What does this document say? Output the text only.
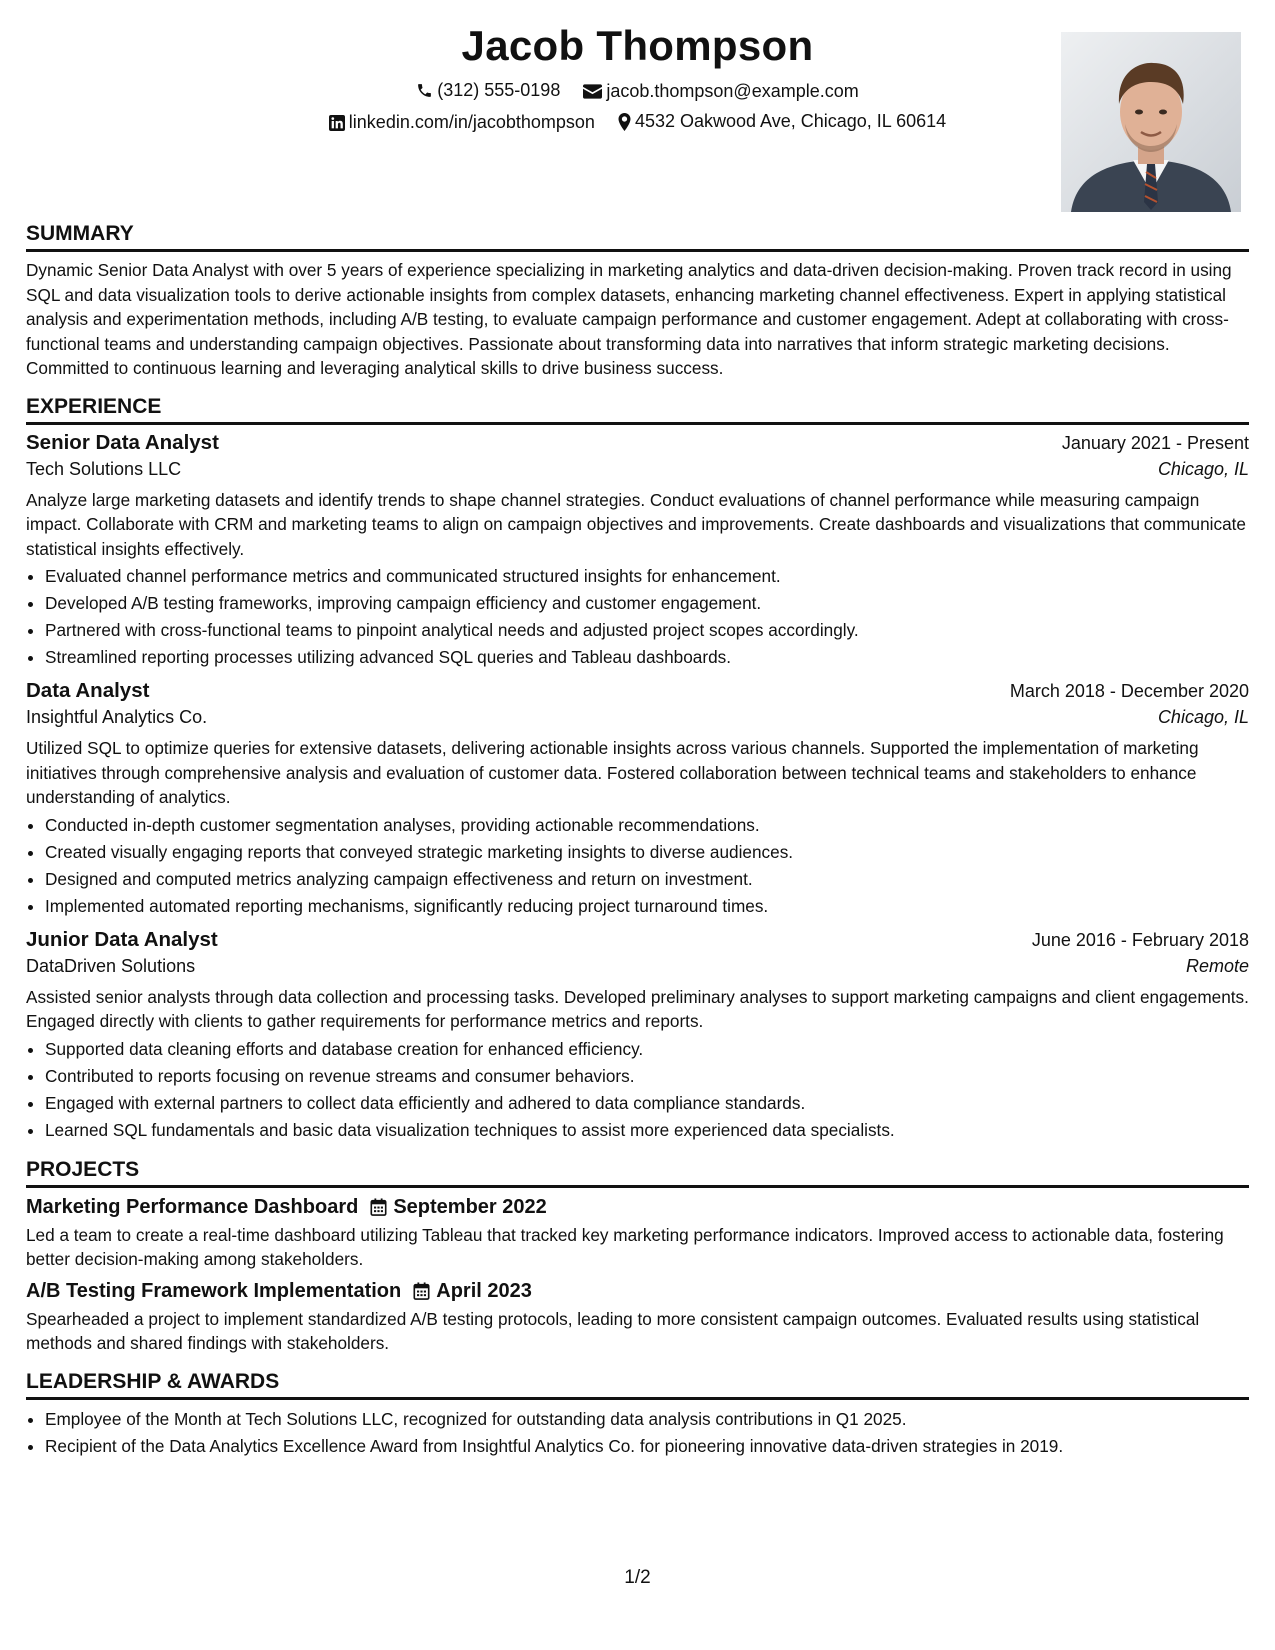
Jacob Thompson
(312) 555-0198
	jacob.thompson@example.com
linkedin.com/in/jacobthompson
4532 Oakwood Ave, Chicago, IL 60614
SUMMARY

Dynamic Senior Data Analyst with over 5 years of experience specializing in marketing analytics and data-driven decision-making. Proven track record in using SQL and data visualization tools to derive actionable insights from complex datasets, enhancing marketing channel effectiveness. Expert in applying statistical analysis and experimentation methods, including A/B testing, to evaluate campaign performance and customer engagement. Adept at collaborating with cross-functional teams and understanding campaign objectives. Passionate about transforming data into narratives that inform strategic marketing decisions. Committed to continuous learning and leveraging analytical skills to drive business success.

EXPERIENCE
Senior Data Analyst	January 2021 - Present
Tech Solutions LLC	Chicago, IL

Analyze large marketing datasets and identify trends to shape channel strategies. Conduct evaluations of channel performance while measuring campaign impact. Collaborate with CRM and marketing teams to align on campaign objectives and improvements. Create dashboards and visualizations that communicate statistical insights effectively.

• Evaluated channel performance metrics and communicated structured insights for enhancement.
• Developed A/B testing frameworks, improving campaign efficiency and customer engagement.
• Partnered with cross-functional teams to pinpoint analytical needs and adjusted project scopes accordingly.
• Streamlined reporting processes utilizing advanced SQL queries and Tableau dashboards.
Data Analyst	March 2018 - December 2020
Insightful Analytics Co.	Chicago, IL

Utilized SQL to optimize queries for extensive datasets, delivering actionable insights across various channels. Supported the implementation of marketing initiatives through comprehensive analysis and evaluation of customer data. Fostered collaboration between technical teams and stakeholders to enhance understanding of analytics.

• Conducted in-depth customer segmentation analyses, providing actionable recommendations.
• Created visually engaging reports that conveyed strategic marketing insights to diverse audiences.
• Designed and computed metrics analyzing campaign effectiveness and return on investment.
• Implemented automated reporting mechanisms, significantly reducing project turnaround times.
Junior Data Analyst	June 2016 - February 2018
DataDriven Solutions	Remote

Assisted senior analysts through data collection and processing tasks. Developed preliminary analyses to support marketing campaigns and client engagements. Engaged directly with clients to gather requirements for performance metrics and reports.

• Supported data cleaning efforts and database creation for enhanced efficiency.
• Contributed to reports focusing on revenue streams and consumer behaviors.
• Engaged with external partners to collect data efficiently and adhered to data compliance standards.
• Learned SQL fundamentals and basic data visualization techniques to assist more experienced data specialists.
PROJECTS
Marketing Performance Dashboard September 2022

Led a team to create a real-time dashboard utilizing Tableau that tracked key marketing performance indicators. Improved access to actionable data, fostering better decision-making among stakeholders.

A/B Testing Framework Implementation April 2023

Spearheaded a project to implement standardized A/B testing protocols, leading to more consistent campaign outcomes. Evaluated results using statistical methods and shared findings with stakeholders.

LEADERSHIP & AWARDS
• Employee of the Month at Tech Solutions LLC, recognized for outstanding data analysis contributions in Q1 2025.
• Recipient of the Data Analytics Excellence Award from Insightful Analytics Co. for pioneering innovative data-driven strategies in 2019.
1/2
